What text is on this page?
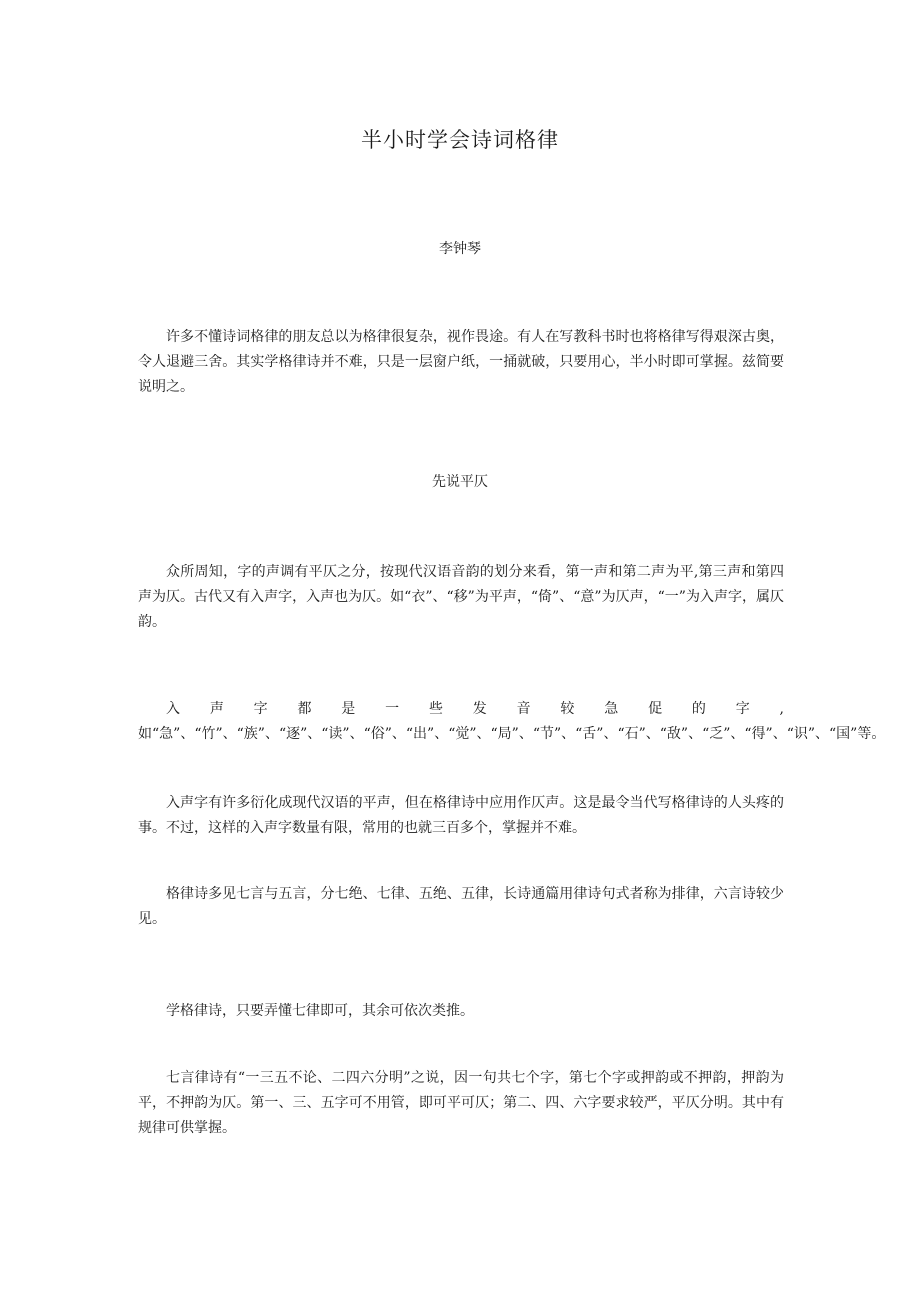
半小时学会诗词格律

李钟琴

许多不懂诗词格律的朋友总以为格律很复杂，视作畏途。有人在写教科书时也将格律写得艰深古奥，令人退避三舍。其实学格律诗并不难，只是一层窗户纸，一捅就破，只要用心，半小时即可掌握。兹简要说明之。

先说平仄

众所周知，字的声调有平仄之分，按现代汉语音韵的划分来看，第一声和第二声为平,第三声和第四声为仄。古代又有入声字，入声也为仄。如“衣”、“移”为平声，“倚”、“意”为仄声，“一”为入声字，属仄韵。

入声字都是一些发音较急促的字,如“急”、“竹”、“族”、“逐”、“读”、“俗”、“出”、“觉”、“局”、“节”、“舌”、“石”、“敌”、“乏”、“得”、“识”、“国”等。

入声字有许多衍化成现代汉语的平声，但在格律诗中应用作仄声。这是最令当代写格律诗的人头疼的事。不过，这样的入声字数量有限，常用的也就三百多个，掌握并不难。

格律诗多见七言与五言，分七绝、七律、五绝、五律，长诗通篇用律诗句式者称为排律，六言诗较少见。

学格律诗，只要弄懂七律即可，其余可依次类推。

七言律诗有“一三五不论、二四六分明”之说，因一句共七个字，第七个字或押韵或不押韵，押韵为平，不押韵为仄。第一、三、五字可不用管，即可平可仄；第二、四、六字要求较严，平仄分明。其中有规律可供掌握。
